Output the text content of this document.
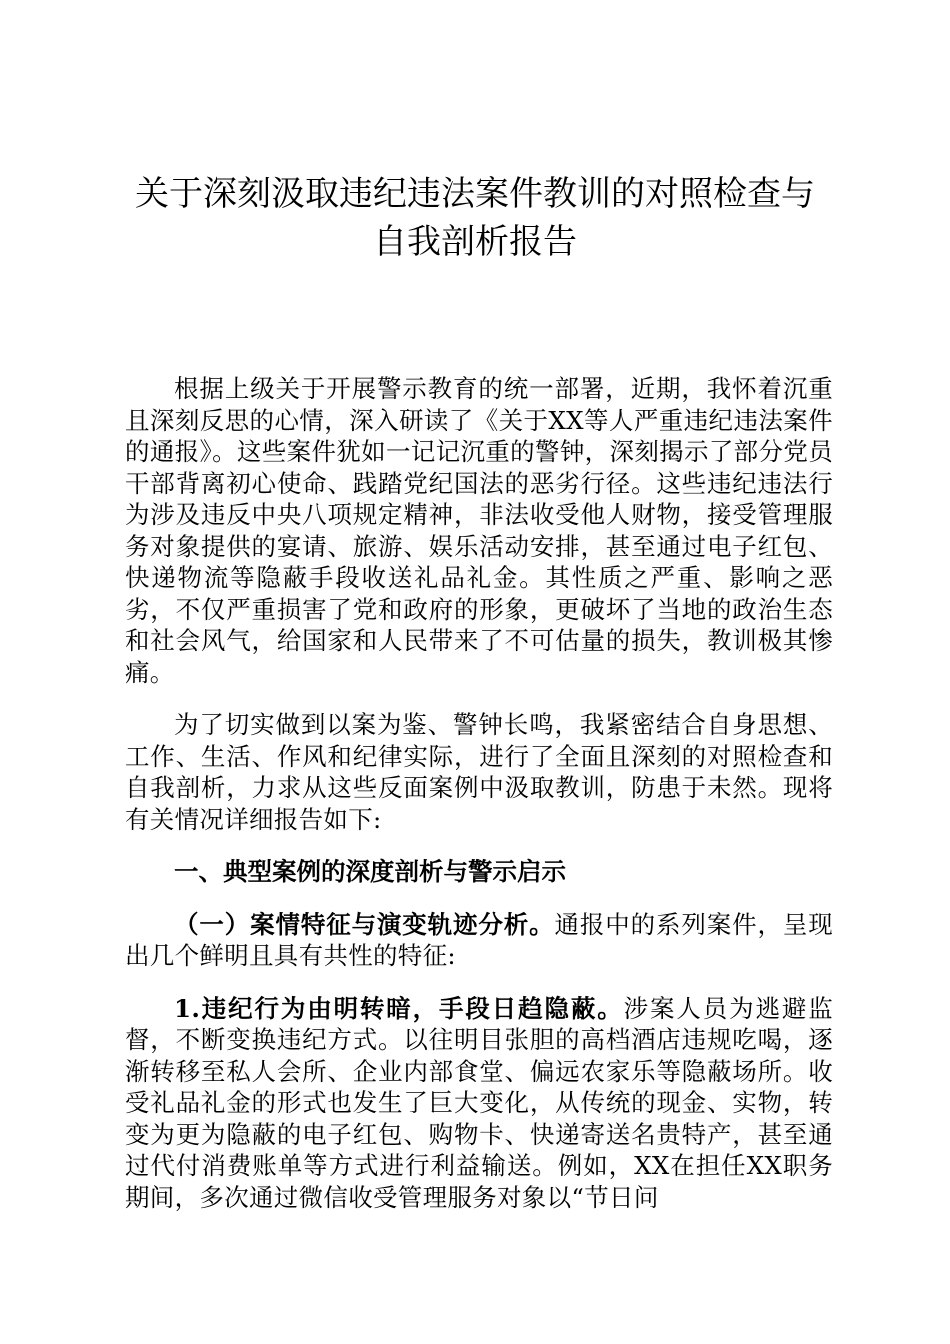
关于深刻汲取违纪违法案件教训的对照检查与
自我剖析报告

根据上级关于开展警示教育的统一部署，近期，我怀着沉重且深刻反思的心情，深入研读了《关于XX等人严重违纪违法案件的通报》。这些案件犹如一记记沉重的警钟，深刻揭示了部分党员干部背离初心使命、践踏党纪国法的恶劣行径。这些违纪违法行为涉及违反中央八项规定精神，非法收受他人财物，接受管理服务对象提供的宴请、旅游、娱乐活动安排，甚至通过电子红包、快递物流等隐蔽手段收送礼品礼金。其性质之严重、影响之恶劣，不仅严重损害了党和政府的形象，更破坏了当地的政治生态和社会风气，给国家和人民带来了不可估量的损失，教训极其惨痛。

为了切实做到以案为鉴、警钟长鸣，我紧密结合自身思想、工作、生活、作风和纪律实际，进行了全面且深刻的对照检查和自我剖析，力求从这些反面案例中汲取教训，防患于未然。现将有关情况详细报告如下:

一、典型案例的深度剖析与警示启示

（一）案情特征与演变轨迹分析。通报中的系列案件，呈现出几个鲜明且具有共性的特征:

1.违纪行为由明转暗，手段日趋隐蔽。涉案人员为逃避监督，不断变换违纪方式。以往明目张胆的高档酒店违规吃喝，逐渐转移至私人会所、企业内部食堂、偏远农家乐等隐蔽场所。收受礼品礼金的形式也发生了巨大变化，从传统的现金、实物，转变为更为隐蔽的电子红包、购物卡、快递寄送名贵特产，甚至通过代付消费账单等方式进行利益输送。例如，XX在担任XX职务期间，多次通过微信收受管理服务对象以“节日问
